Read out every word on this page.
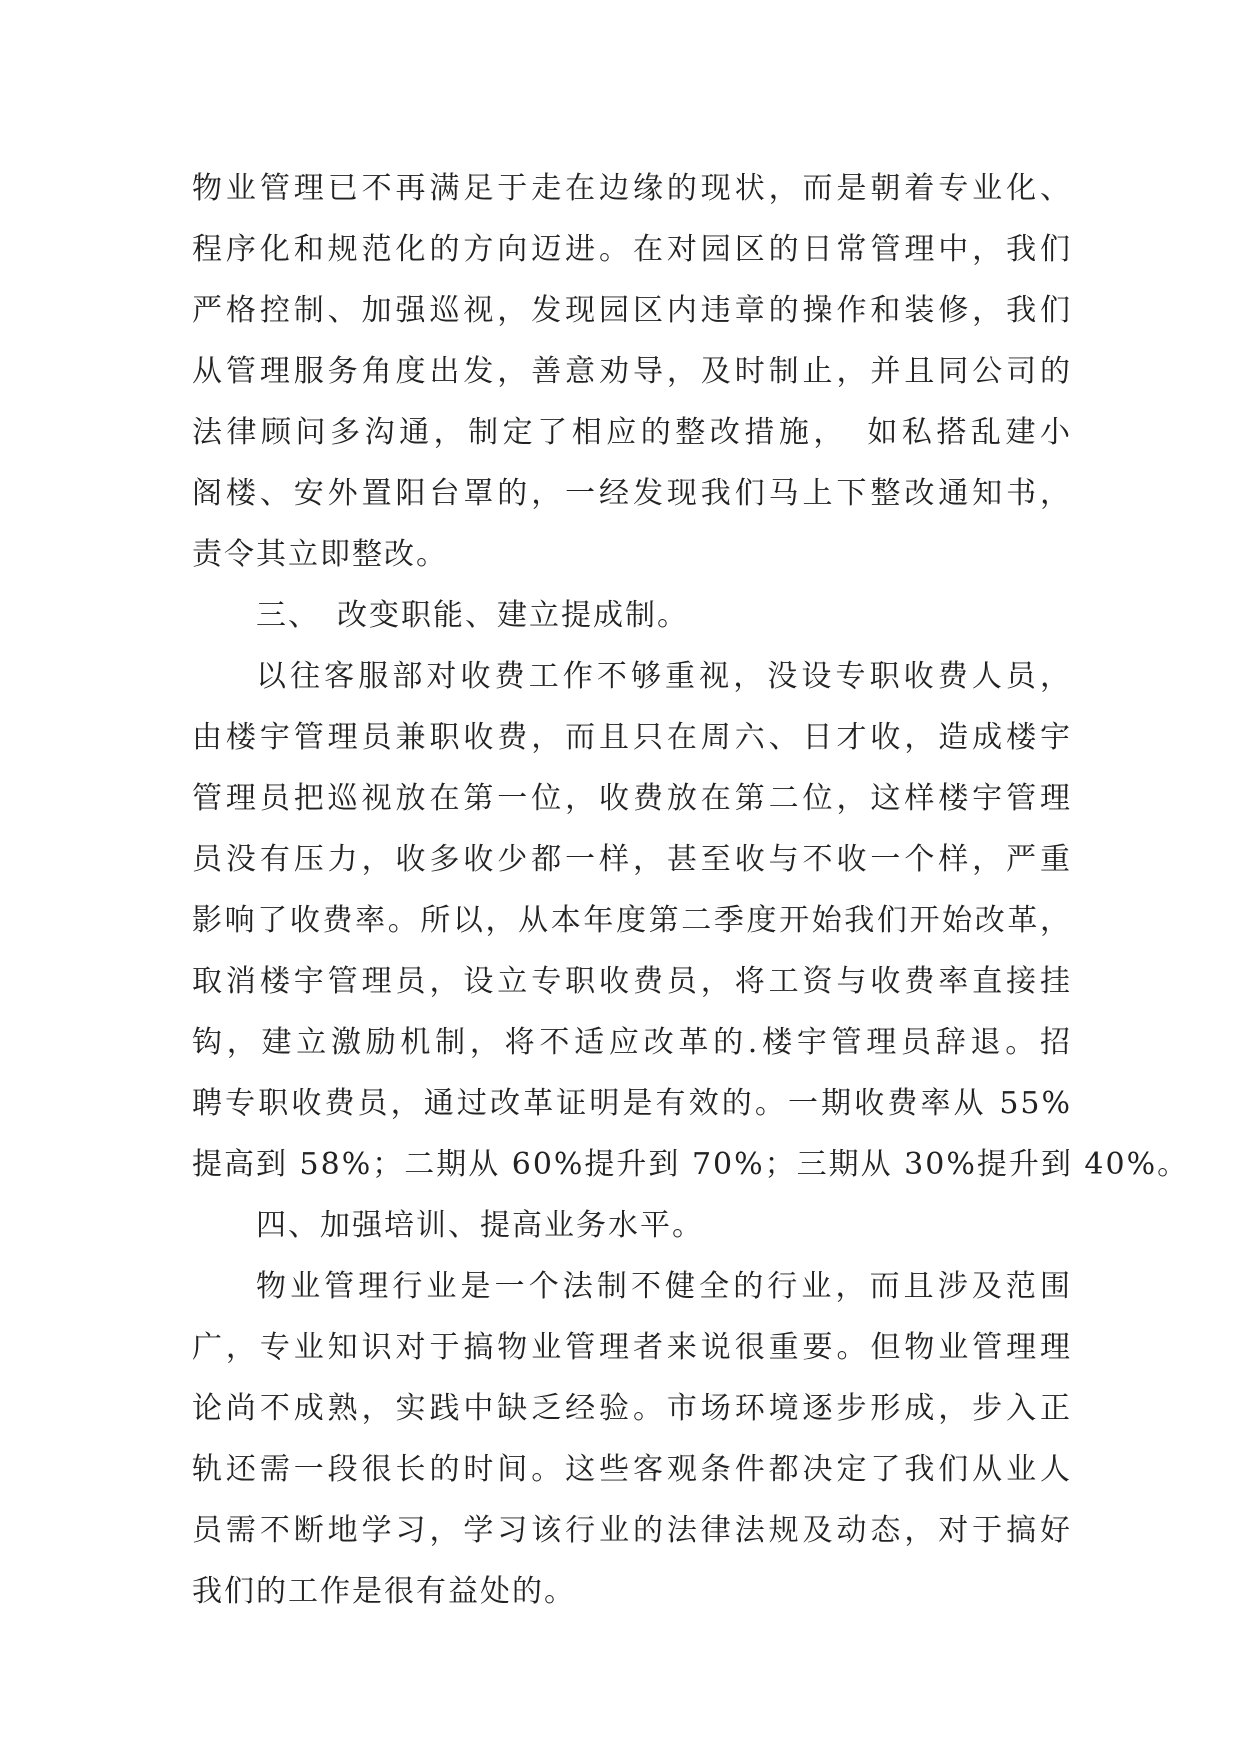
物业管理已不再满足于走在边缘的现状，而是朝着专业化、

程序化和规范化的方向迈进。在对园区的日常管理中，我们

严格控制、加强巡视，发现园区内违章的操作和装修，我们

从管理服务角度出发，善意劝导，及时制止，并且同公司的

法律顾问多沟通，制定了相应的整改措施，　如私搭乱建小

阁楼、安外置阳台罩的，一经发现我们马上下整改通知书，

责令其立即整改。

三、　改变职能、建立提成制。

以往客服部对收费工作不够重视，没设专职收费人员，

由楼宇管理员兼职收费，而且只在周六、日才收，造成楼宇

管理员把巡视放在第一位，收费放在第二位，这样楼宇管理

员没有压力，收多收少都一样，甚至收与不收一个样，严重

影响了收费率。所以，从本年度第二季度开始我们开始改革，

取消楼宇管理员，设立专职收费员，将工资与收费率直接挂

钩，建立激励机制，将不适应改革的.楼宇管理员辞退。招

聘专职收费员，通过改革证明是有效的。一期收费率从 55%

提高到 58%；二期从 60%提升到 70%；三期从 30%提升到 40%。

四、加强培训、提高业务水平。

物业管理行业是一个法制不健全的行业，而且涉及范围

广，专业知识对于搞物业管理者来说很重要。但物业管理理

论尚不成熟，实践中缺乏经验。市场环境逐步形成，步入正

轨还需一段很长的时间。这些客观条件都决定了我们从业人

员需不断地学习，学习该行业的法律法规及动态，对于搞好

我们的工作是很有益处的。
